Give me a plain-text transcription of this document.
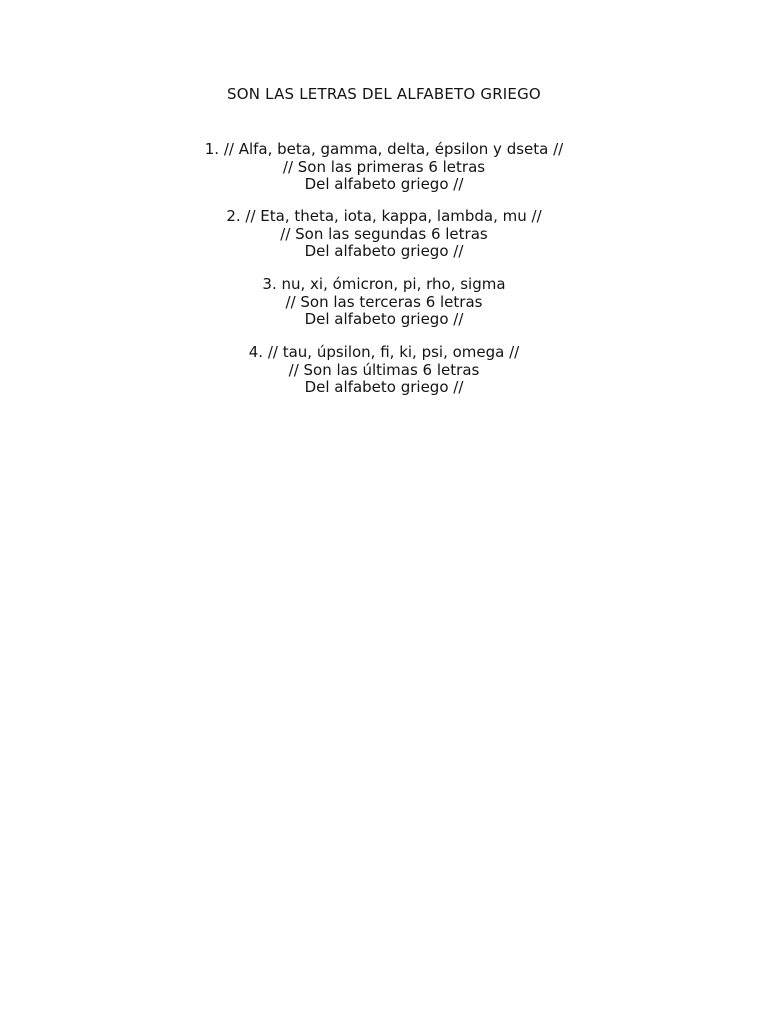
SON LAS LETRAS DEL ALFABETO GRIEGO
1. // Alfa, beta, gamma, delta, épsilon y dseta //
// Son las primeras 6 letras
Del alfabeto griego //
2. // Eta, theta, iota, kappa, lambda, mu //
// Son las segundas 6 letras
Del alfabeto griego //
3. nu, xi, ómicron, pi, rho, sigma
// Son las terceras 6 letras
Del alfabeto griego //
4. // tau, úpsilon, fi, ki, psi, omega //
// Son las últimas 6 letras
Del alfabeto griego //
